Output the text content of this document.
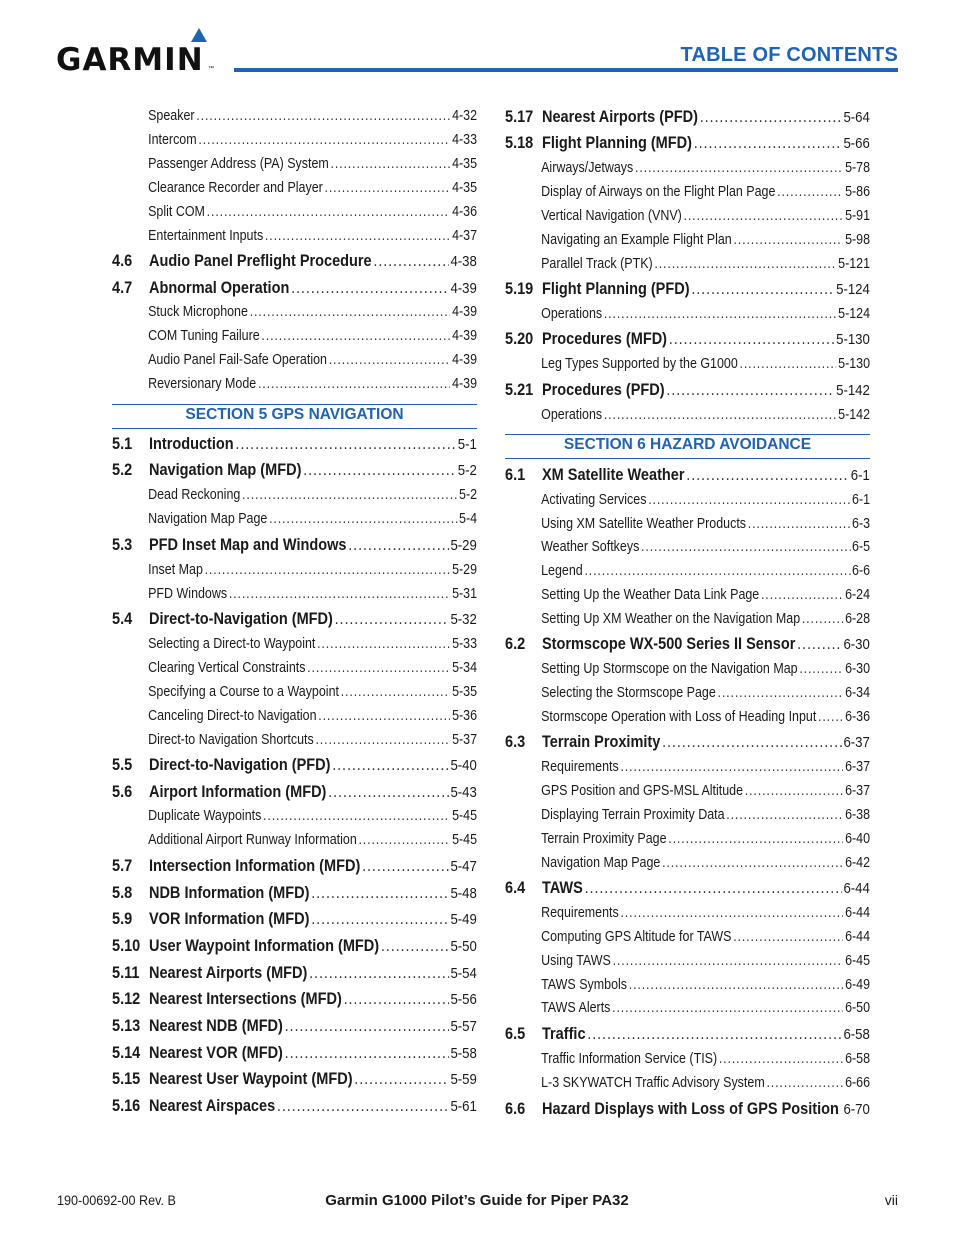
GARMIN ™
TABLE OF CONTENTS
Speaker .....	4-32
Intercom .....	4-33
Passenger Address (PA) System .....	4-35
Clearance Recorder and Player .....	4-35
Split COM .....	4-36
Entertainment Inputs .....	4-37
4.6	Audio Panel Preflight Procedure .....	4-38
4.7	Abnormal Operation .....	4-39
Stuck Microphone .....	4-39
COM Tuning Failure .....	4-39
Audio Panel Fail-Safe Operation .....	4-39
Reversionary Mode .....	4-39
SECTION 5 GPS NAVIGATION
5.1	Introduction .....	5-1
5.2	Navigation Map (MFD) .....	5-2
Dead Reckoning .....	5-2
Navigation Map Page .....	5-4
5.3	PFD Inset Map and Windows .....	5-29
Inset Map .....	5-29
PFD Windows .....	5-31
5.4	Direct-to-Navigation (MFD) .....	5-32
Selecting a Direct-to Waypoint .....	5-33
Clearing Vertical Constraints .....	5-34
Specifying a Course to a Waypoint .....	5-35
Canceling Direct-to Navigation .....	5-36
Direct-to Navigation Shortcuts .....	5-37
5.5	Direct-to-Navigation (PFD) .....	5-40
5.6	Airport Information (MFD) .....	5-43
Duplicate Waypoints .....	5-45
Additional Airport Runway Information .....	5-45
5.7	Intersection Information (MFD) .....	5-47
5.8	NDB Information (MFD) .....	5-48
5.9	VOR Information (MFD) .....	5-49
5.10 User Waypoint Information (MFD) .....	5-50
5.11 Nearest Airports (MFD) .....	5-54
5.12 Nearest Intersections (MFD) .....	5-56
5.13 Nearest NDB (MFD) .....	5-57
5.14 Nearest VOR (MFD) .....	5-58
5.15 Nearest User Waypoint (MFD) .....	5-59
5.16 Nearest Airspaces .....	5-61
5.17 Nearest Airports (PFD) .....	5-64
5.18 Flight Planning (MFD) .....	5-66
Airways/Jetways .....	5-78
Display of Airways on the Flight Plan Page .....	5-86
Vertical Navigation (VNV) .....	5-91
Navigating an Example Flight Plan .....	5-98
Parallel Track (PTK) .....	5-121
5.19 Flight Planning (PFD) .....	5-124
Operations .....	5-124
5.20 Procedures (MFD) .....	5-130
Leg Types Supported by the G1000 .....	5-130
5.21 Procedures (PFD) .....	5-142
Operations .....	5-142
SECTION 6 HAZARD AVOIDANCE
6.1	XM Satellite Weather .....	6-1
Activating Services .....	6-1
Using XM Satellite Weather Products .....	6-3
Weather Softkeys .....	6-5
Legend .....	6-6
Setting Up the Weather Data Link Page .....	6-24
Setting Up XM Weather on the Navigation Map .....	6-28
6.2	Stormscope WX-500 Series II Sensor .....	6-30
Setting Up Stormscope on the Navigation Map .....	6-30
Selecting the Stormscope Page .....	6-34
Stormscope Operation with Loss of Heading Input ..... 6-36
6.3	Terrain Proximity .....	6-37
Requirements .....	6-37
GPS Position and GPS-MSL Altitude .....	6-37
Displaying Terrain Proximity Data .....	6-38
Terrain Proximity Page .....	6-40
Navigation Map Page .....	6-42
6.4	TAWS .....	6-44
Requirements .....	6-44
Computing GPS Altitude for TAWS .....	6-44
Using TAWS .....	6-45
TAWS Symbols .....	6-49
TAWS Alerts .....	6-50
6.5	Traffic .....	6-58
Traffic Information Service (TIS) .....	6-58
L-3 SKYWATCH Traffic Advisory System .....	6-66
6.6	Hazard Displays with Loss of GPS Position ..... 6-70
190-00692-00 Rev. B	Garmin G1000 Pilot’s Guide for Piper PA32	vii
